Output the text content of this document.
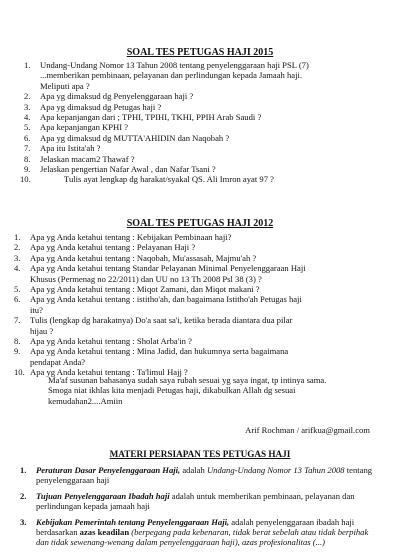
SOAL TES PETUGAS HAJI 2015
1. Undang-Undang Nomor 13 Tahun 2008 tentang penyelenggaraan haji PSL (7)
...memberikan pembinaan, pelayanan dan perlindungan kepada Jamaah haji.
Meliputi apa ?
2. Apa yg dimaksud dg Penyelenggaraan haji ?
3. Apa yg dimaksud dg Petugas haji ?
4. Apa kepanjangan dari ; TPHI, TPIHI, TKHI, PPIH Arab Saudi ?
5. Apa kepanjangan KPHI ?
6. Apa yg dimaksud dg MUTTA'AHIDIN dan Naqobah ?
7. Apa itu Istita'ah ?
8. Jelaskan macam2 Thawaf ?
9. Jelaskan pengertian Nafar Awal , dan Nafar Tsani ?
10.	Tulis ayat lengkap dg harakat/syakal QS. Ali Imron ayat 97 ?
SOAL TES PETUGAS HAJI 2012
1. Apa yg Anda ketahui tentang : Kebijakan Pembinaan haji?
2. Apa yg Anda ketahui tentang : Pelayanan Haji ?
3. Apa yg Anda ketahui tentang : Naqobah, Mu'assasah, Majmu'ah ?
4. Apa yg Anda ketahui tentang Standar Pelayanan Minimal Penyelenggaraan Haji
Khusus (Permenag no 22/2011) dan UU no 13 Th 2008 Psl 38 (3) ?
5. Apa yg Anda ketahui tentang : Miqot Zamani, dan Miqot makani ?
6. Apa yg Anda ketahui tentang : istitho'ah, dan bagaimana Istitho'ah Petugas haji
itu?
7. Tulis (lengkap dg harakatnya) Do'a saat sa'i, ketika berada diantara dua pilar
hijau ?
8. Apa yg Anda ketahui tentang : Sholat Arba'in ?
9. Apa yg Anda ketahui tentang : Mina Jadid, dan hukumnya serta bagaimana
pendapat Anda?
10. Apa yg Anda ketahui tentang : Ta'limul Hajj ?
Ma'af susunan bahasanya sudah saya rubah sesuai yg saya ingat, tp intinya sama.
Smoga niat ikhlas kita menjadi Petugas haji, dikabulkan Allah dg sesuai
kemudahan2....Amiin
Arif Rochman / arifkua@gmail.com
MATERI PERSIAPAN TES PETUGAS HAJI
1. Peraturan Dasar Penyelenggaraan Haji, adalah Undang-Undang Nomor 13 Tahun 2008 tentang penyelenggaraan haji
2. Tujuan Penyelenggaraan Ibadah haji adalah untuk memberikan pembinaan, pelayanan dan perlindungan kepada jamaah haji
3. Kebijakan Pemerintah tentang Penyelenggaraan Haji, adalah penyelenggaraan ibadah haji berdasarkan azas keadilan (berpegang pada kebenaran, tidak berat sebelah atau tidak berpihak dan tidak sewenang-wenang dalam penyelenggaraan haji), azas profesionalitas (...)
